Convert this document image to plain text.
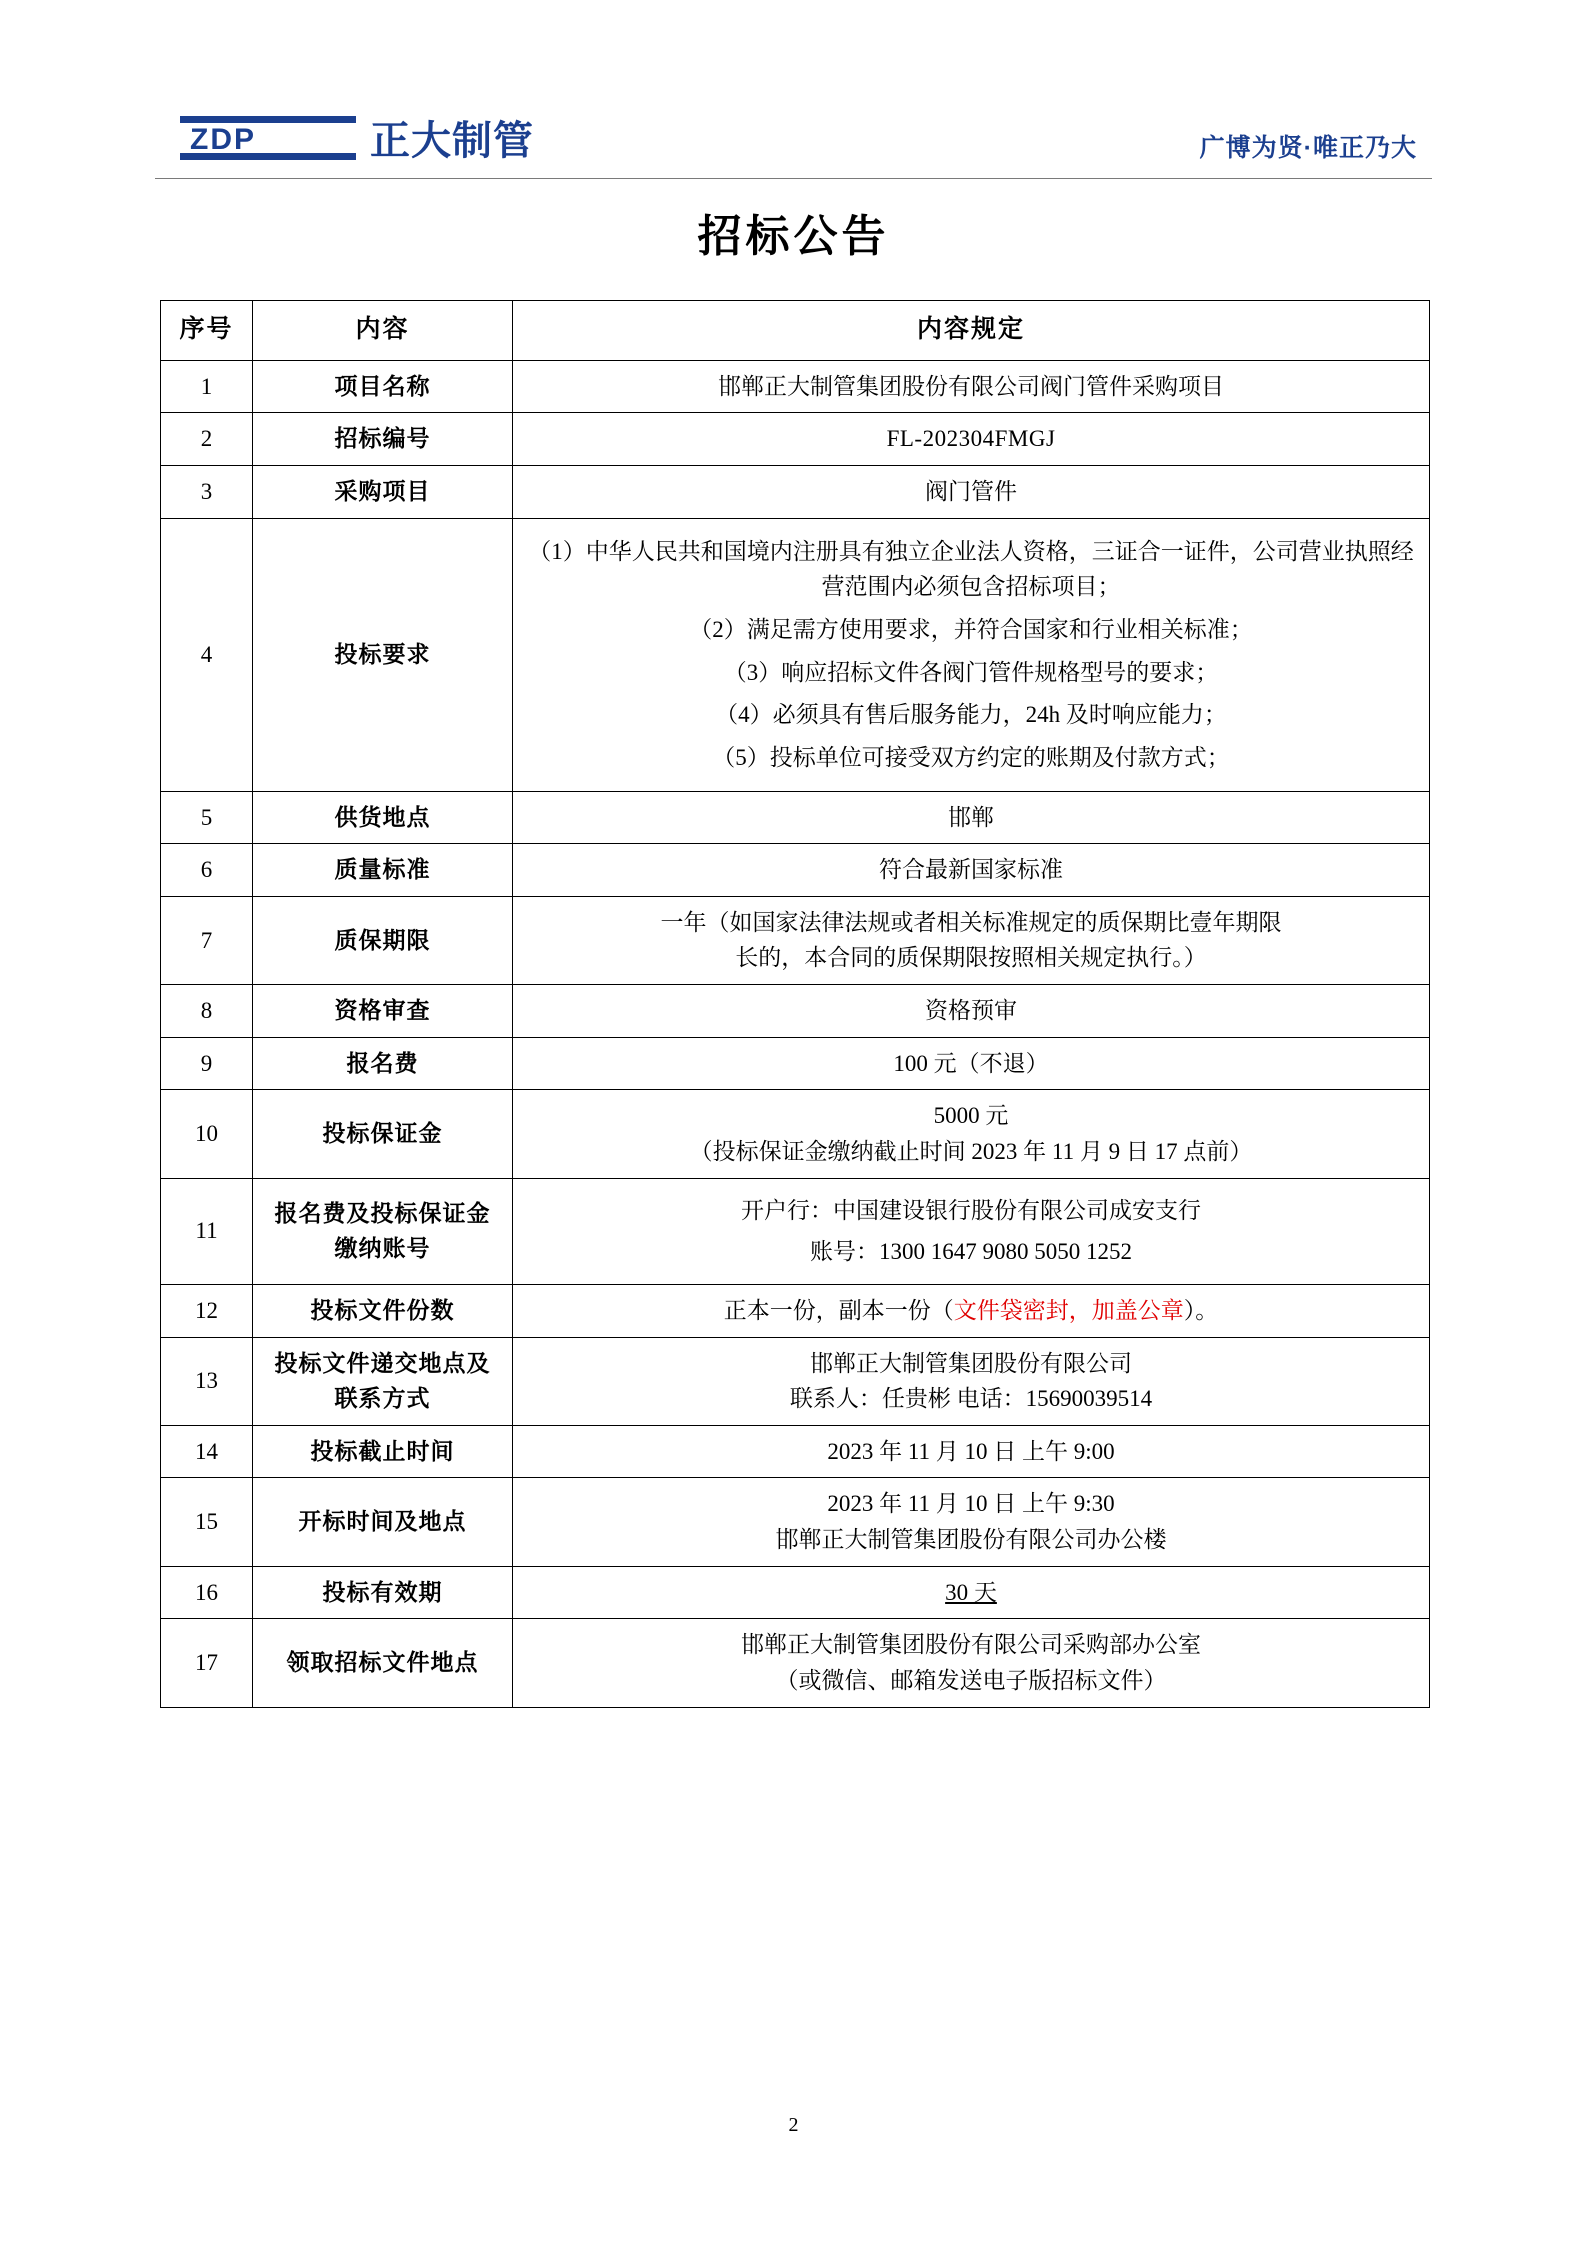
ZDP	正大制管	广博为贤·唯正乃大
招标公告
序号	内容	内容规定
1	项目名称	邯郸正大制管集团股份有限公司阀门管件采购项目
2	招标编号	FL-202304FMGJ
3	采购项目	阀门管件
4	投标要求	（1）中华人民共和国境内注册具有独立企业法人资格，三证合一证件，公司营业执照经营范围内必须包含招标项目；
（2）满足需方使用要求，并符合国家和行业相关标准；
（3）响应招标文件各阀门管件规格型号的要求；
（4）必须具有售后服务能力，24h 及时响应能力；
（5）投标单位可接受双方约定的账期及付款方式；

5	供货地点	邯郸
6	质量标准	符合最新国家标准
7	质保期限	一年（如国家法律法规或者相关标准规定的质保期比壹年期限
长的，本合同的质保期限按照相关规定执行。）

8	资格审查	资格预审
9	报名费	100 元（不退）
10	投标保证金	5000 元
（投标保证金缴纳截止时间 2023 年 11 月 9 日 17 点前）

11	报名费及投标保证金缴纳账号	开户行：中国建设银行股份有限公司成安支行
账号：1300 1647 9080 5050 1252

12	投标文件份数	正本一份，副本一份（文件袋密封，加盖公章）。
13	投标文件递交地点及联系方式	邯郸正大制管集团股份有限公司
联系人：任贵彬 电话：15690039514

14	投标截止时间	2023 年 11 月 10 日 上午 9:00
15	开标时间及地点	2023 年 11 月 10 日 上午 9:30
邯郸正大制管集团股份有限公司办公楼

16	投标有效期	30 天
17	领取招标文件地点	邯郸正大制管集团股份有限公司采购部办公室
（或微信、邮箱发送电子版招标文件）
2
